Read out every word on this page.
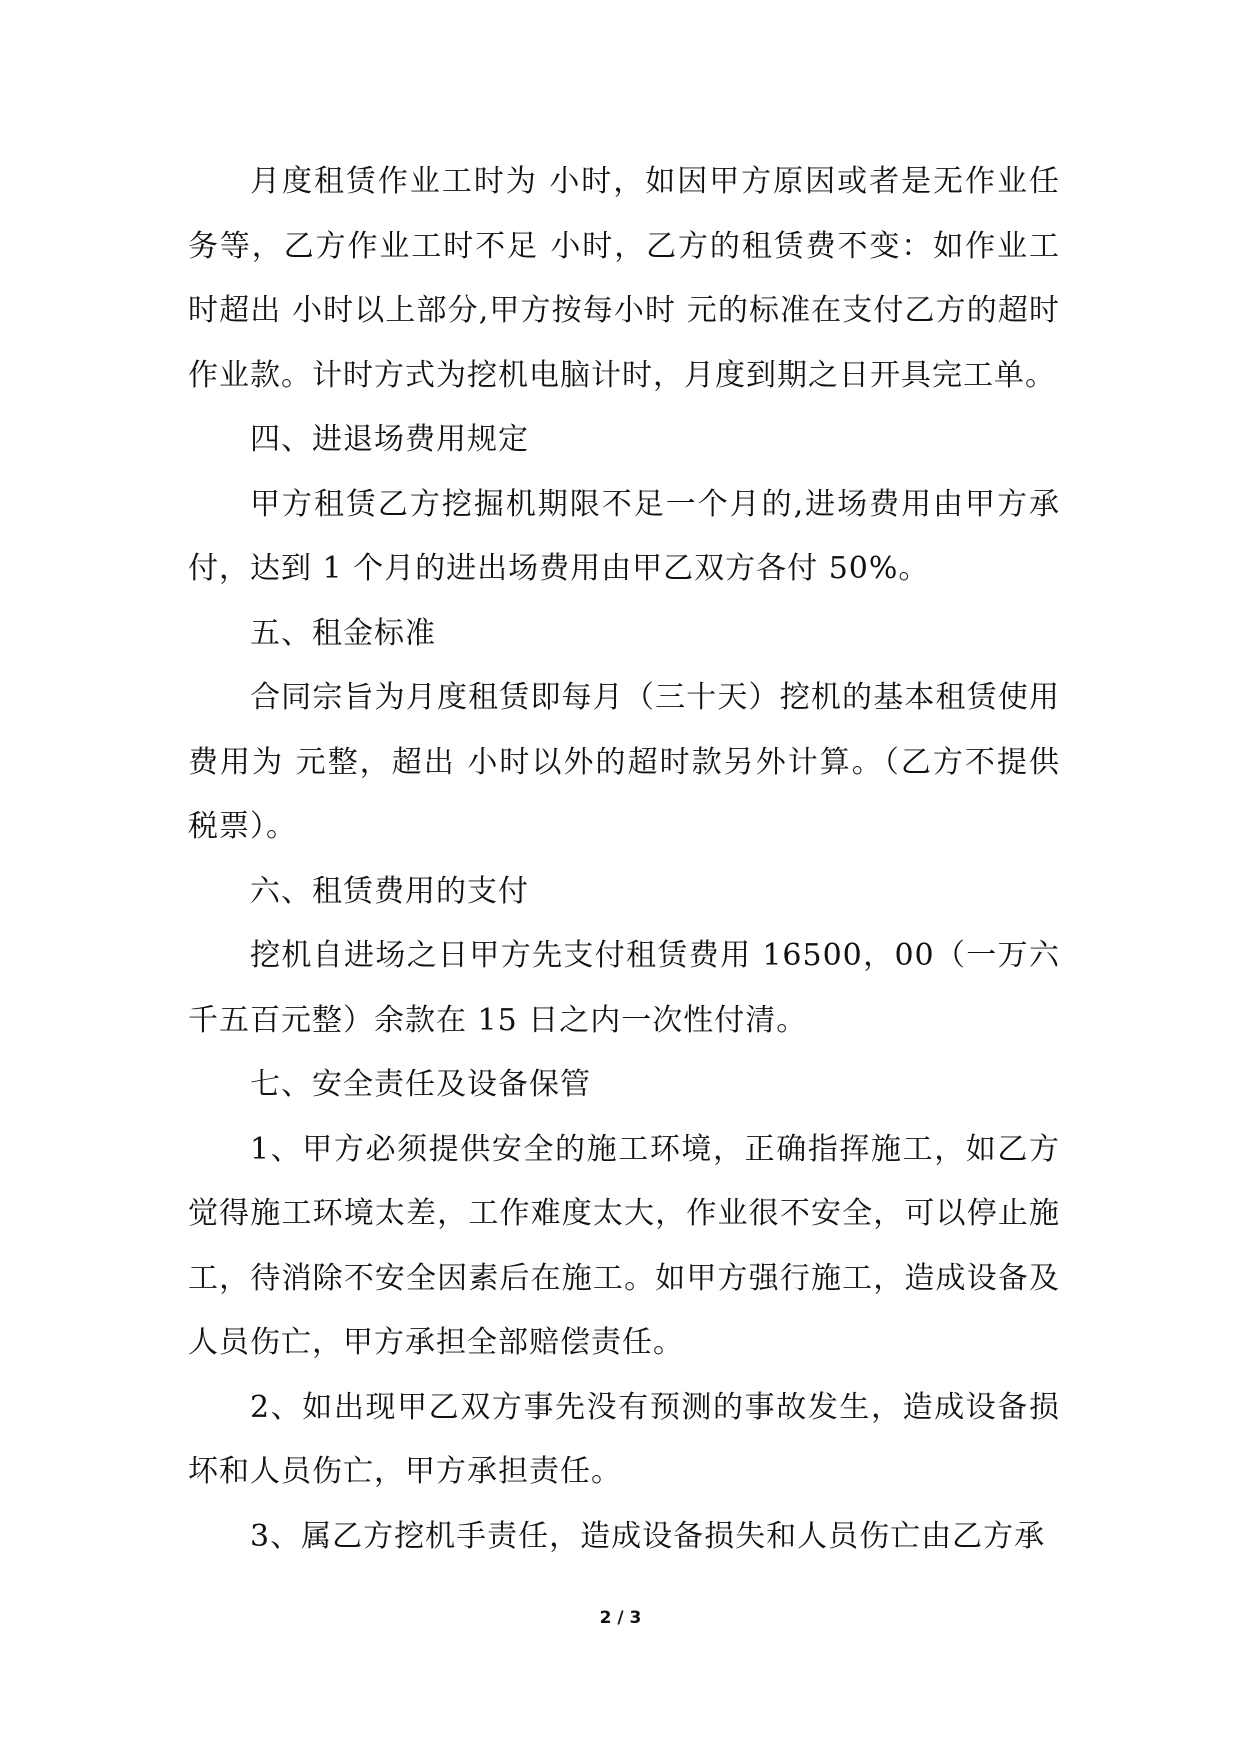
月度租赁作业工时为 小时，如因甲方原因或者是无作业任务等，乙方作业工时不足 小时，乙方的租赁费不变：如作业工时超出 小时以上部分,甲方按每小时 元的标准在支付乙方的超时作业款。计时方式为挖机电脑计时，月度到期之日开具完工单。

四、进退场费用规定

甲方租赁乙方挖掘机期限不足一个月的,进场费用由甲方承付，达到 1 个月的进出场费用由甲乙双方各付 50%。

五、租金标准

合同宗旨为月度租赁即每月（三十天）挖机的基本租赁使用费用为 元整，超出 小时以外的超时款另外计算。（乙方不提供税票）。

六、租赁费用的支付

挖机自进场之日甲方先支付租赁费用 16500，00（一万六千五百元整）余款在 15 日之内一次性付清。

七、安全责任及设备保管

1、甲方必须提供安全的施工环境，正确指挥施工，如乙方觉得施工环境太差，工作难度太大，作业很不安全，可以停止施工，待消除不安全因素后在施工。如甲方强行施工，造成设备及人员伤亡，甲方承担全部赔偿责任。

2、如出现甲乙双方事先没有预测的事故发生，造成设备损坏和人员伤亡，甲方承担责任。

3、属乙方挖机手责任，造成设备损失和人员伤亡由乙方承

2 / 3
